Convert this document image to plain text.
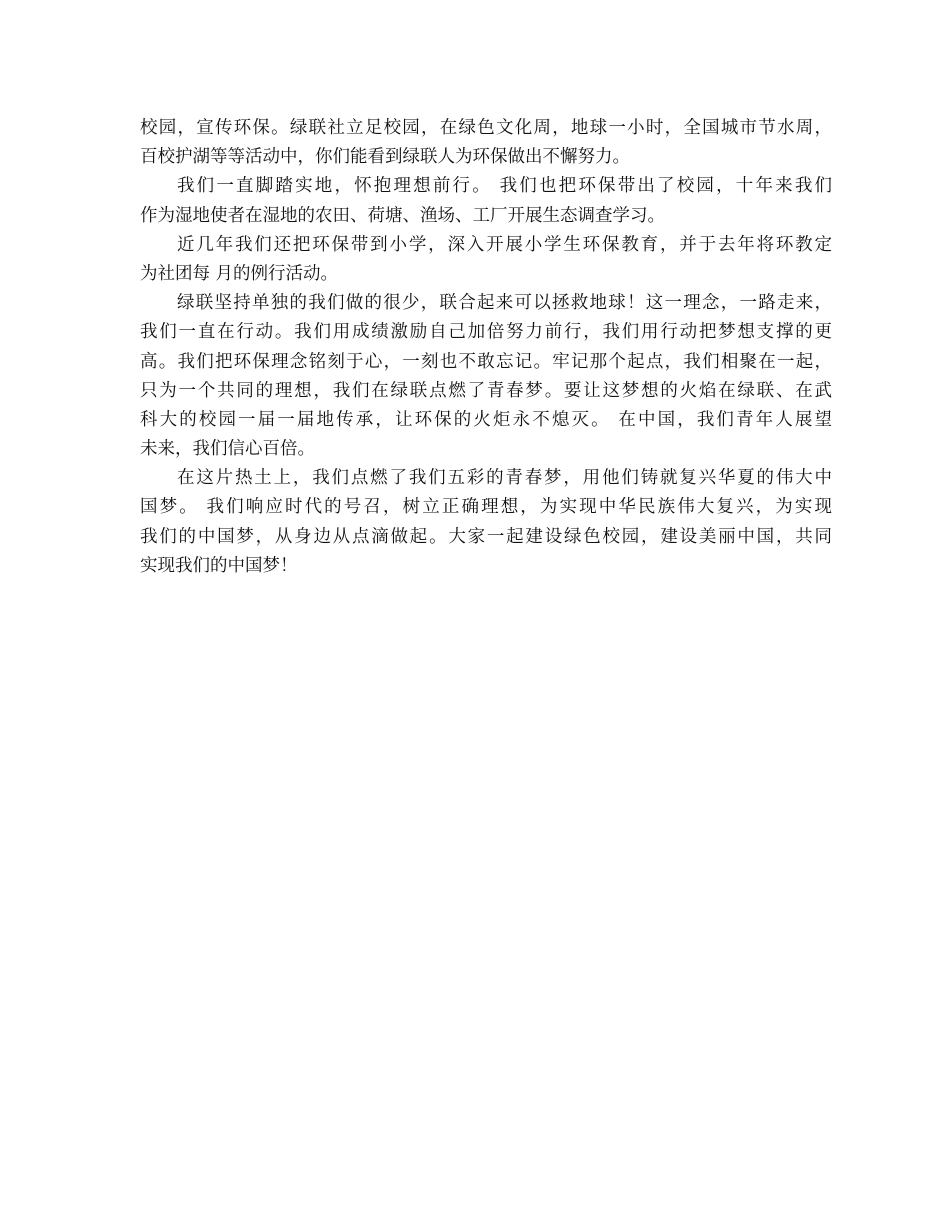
校园，宣传环保。绿联社立足校园，在绿色文化周，地球一小时，全国城市节水周，
百校护湖等等活动中，你们能看到绿联人为环保做出不懈努力。
我们一直脚踏实地，怀抱理想前行。 我们也把环保带出了校园，十年来我们
作为湿地使者在湿地的农田、荷塘、渔场、工厂开展生态调查学习。
近几年我们还把环保带到小学，深入开展小学生环保教育，并于去年将环教定
为社团每 月的例行活动。
绿联坚持单独的我们做的很少，联合起来可以拯救地球！这一理念，一路走来，
我们一直在行动。我们用成绩激励自己加倍努力前行，我们用行动把梦想支撑的更
高。我们把环保理念铭刻于心，一刻也不敢忘记。牢记那个起点，我们相聚在一起，
只为一个共同的理想，我们在绿联点燃了青春梦。要让这梦想的火焰在绿联、在武
科大的校园一届一届地传承，让环保的火炬永不熄灭。 在中国，我们青年人展望
未来，我们信心百倍。
在这片热土上，我们点燃了我们五彩的青春梦，用他们铸就复兴华夏的伟大中
国梦。 我们响应时代的号召，树立正确理想，为实现中华民族伟大复兴，为实现
我们的中国梦，从身边从点滴做起。大家一起建设绿色校园，建设美丽中国，共同
实现我们的中国梦！
